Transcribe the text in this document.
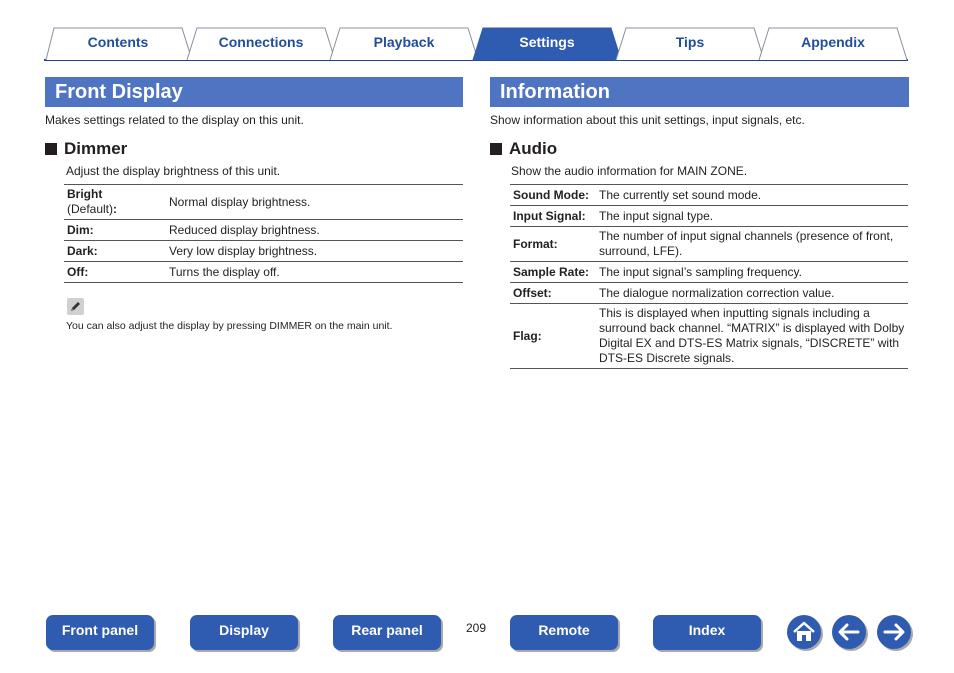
Contents	Connections	Playback	Settings	Tips	Appendix
Front Display
Makes settings related to the display on this unit.
Dimmer
Adjust the display brightness of this unit.
Bright
(Default):	Normal display brightness.
Dim:	Reduced display brightness.
Dark:	Very low display brightness.
Off:	Turns the display off.
You can also adjust the display by pressing DIMMER on the main unit.
Information
Show information about this unit settings, input signals, etc.
Audio
Show the audio information for MAIN ZONE.
Sound Mode:	The currently set sound mode.
Input Signal:	The input signal type.
Format:	The number of input signal channels (presence of front, surround, LFE).
Sample Rate:	The input signal’s sampling frequency.
Offset:	The dialogue normalization correction value.
Flag:	This is displayed when inputting signals including a surround back channel. “MATRIX” is displayed with Dolby Digital EX and DTS-ES Matrix signals, “DISCRETE” with DTS-ES Discrete signals.
Front panel	Display	Rear panel	209	Remote	Index
